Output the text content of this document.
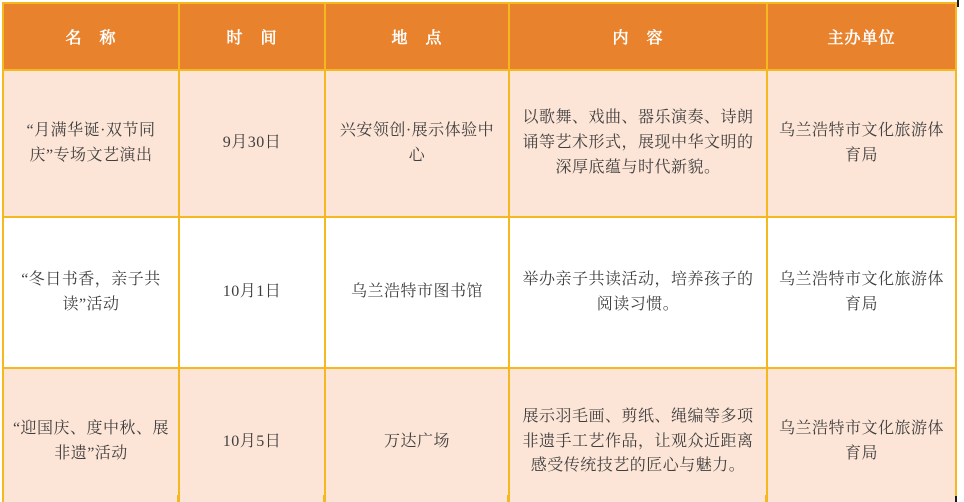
名　称	时　间	地　点	内　容	主办单位
“月满华诞·双节同庆”专场文艺演出	9月30日	兴安领创·展示体验中心	以歌舞、戏曲、器乐演奏、诗朗诵等艺术形式，展现中华文明的深厚底蕴与时代新貌。	乌兰浩特市文化旅游体育局
“冬日书香，亲子共读”活动	10月1日	乌兰浩特市图书馆	举办亲子共读活动，培养孩子的阅读习惯。	乌兰浩特市文化旅游体育局
“迎国庆、度中秋、展非遗”活动	10月5日	万达广场	展示羽毛画、剪纸、绳编等多项非遗手工艺作品，让观众近距离感受传统技艺的匠心与魅力。	乌兰浩特市文化旅游体育局
